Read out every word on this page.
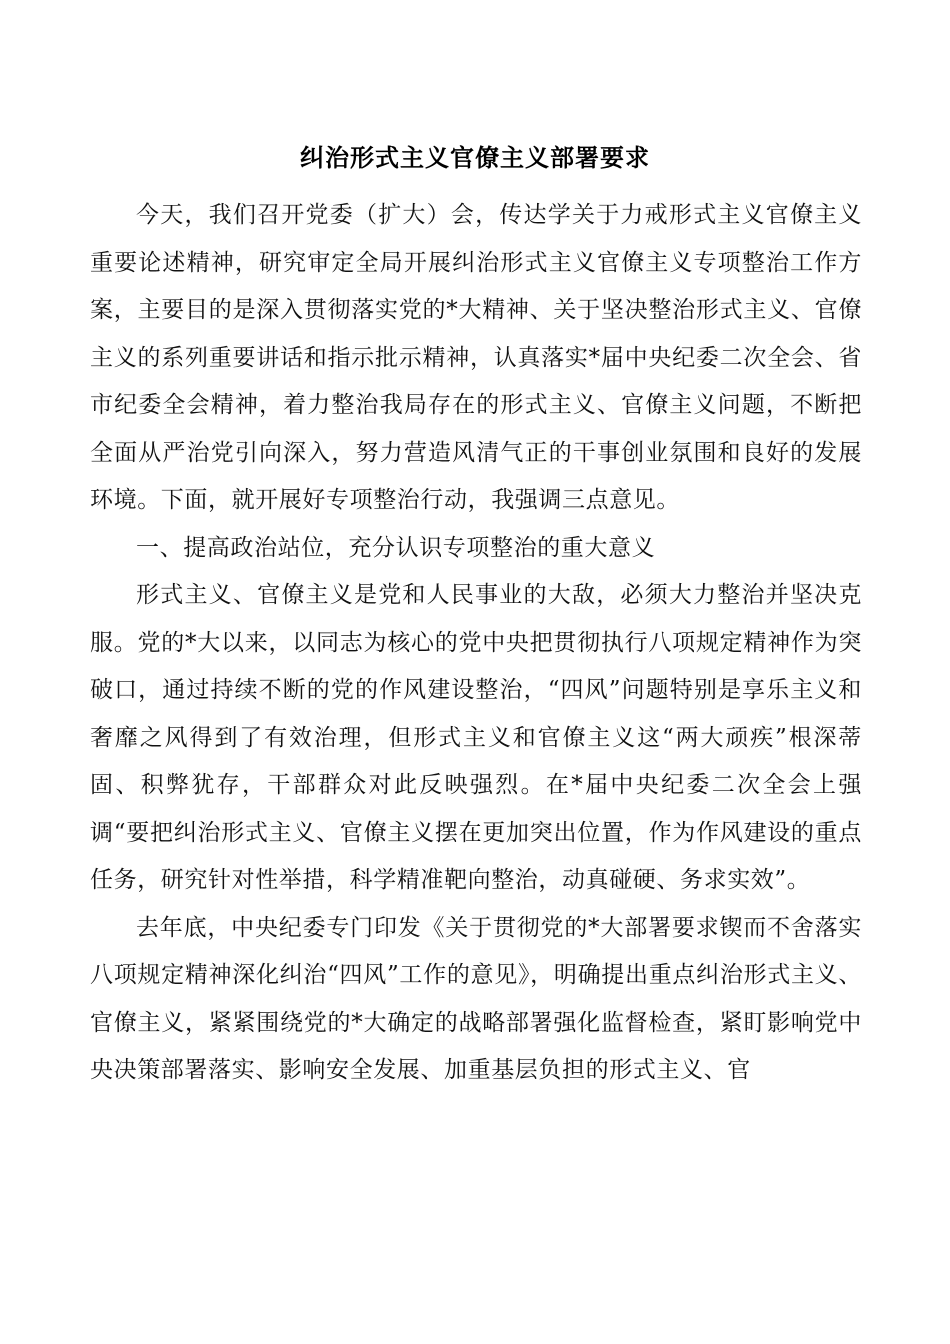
纠治形式主义官僚主义部署要求

今天，我们召开党委（扩大）会，传达学关于力戒形式主义官僚主义重要论述精神，研究审定全局开展纠治形式主义官僚主义专项整治工作方案，主要目的是深入贯彻落实党的*大精神、关于坚决整治形式主义、官僚主义的系列重要讲话和指示批示精神，认真落实*届中央纪委二次全会、省市纪委全会精神，着力整治我局存在的形式主义、官僚主义问题，不断把全面从严治党引向深入，努力营造风清气正的干事创业氛围和良好的发展环境。下面，就开展好专项整治行动，我强调三点意见。

一、提高政治站位，充分认识专项整治的重大意义

形式主义、官僚主义是党和人民事业的大敌，必须大力整治并坚决克服。党的*大以来，以同志为核心的党中央把贯彻执行八项规定精神作为突破口，通过持续不断的党的作风建设整治，“四风”问题特别是享乐主义和奢靡之风得到了有效治理，但形式主义和官僚主义这“两大顽疾”根深蒂固、积弊犹存，干部群众对此反映强烈。在*届中央纪委二次全会上强调“要把纠治形式主义、官僚主义摆在更加突出位置，作为作风建设的重点任务，研究针对性举措，科学精准靶向整治，动真碰硬、务求实效”。

去年底，中央纪委专门印发《关于贯彻党的*大部署要求锲而不舍落实八项规定精神深化纠治“四风”工作的意见》，明确提出重点纠治形式主义、官僚主义，紧紧围绕党的*大确定的战略部署强化监督检查，紧盯影响党中央决策部署落实、影响安全发展、加重基层负担的形式主义、官
